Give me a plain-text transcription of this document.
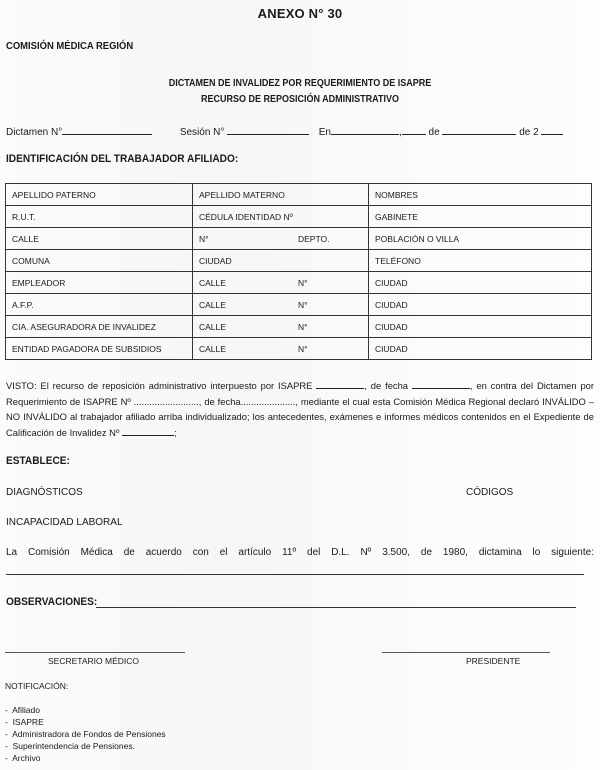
ANEXO N° 30
COMISIÓN MÉDICA REGIÓN
DICTAMEN DE INVALIDEZ POR REQUERIMIENTO DE ISAPRE
RECURSO DE REPOSICIÓN ADMINISTRATIVO
Dictamen N°	Sesión N°	En	,	de	de 2
IDENTIFICACIÓN DEL TRABAJADOR AFILIADO:
APELLIDO PATERNO	APELLIDO MATERNO	NOMBRES
R.U.T.	CÉDULA IDENTIDAD Nº	GABINETE
CALLE	N° DEPTO.	POBLACIÓN O VILLA
COMUNA	CIUDAD	TELÉFONO
EMPLEADOR	CALLE N°	CIUDAD
A.F.P.	CALLE N°	CIUDAD
CIA. ASEGURADORA DE INVALIDEZ	CALLE N°	CIUDAD
ENTIDAD PAGADORA DE SUBSIDIOS	CALLE N°	CIUDAD
VISTO: El recurso de reposición administrativo interpuesto por ISAPRE	, de fecha	, en contra del Dictamen por Requerimiento de ISAPRE Nº ........................., de fecha....................., mediante el cual esta Comisión Médica Regional declaró INVÁLIDO – NO INVÁLIDO al trabajador afiliado arriba individualizado; los antecedentes, exámenes e informes médicos contenidos en el Expediente de Calificación de Invalidez Nº	;
ESTABLECE:
DIAGNÓSTICOS	CÓDIGOS
INCAPACIDAD LABORAL
La Comisión Médica de acuerdo con el artículo 11º del D.L. Nº 3.500, de 1980, dictamina lo siguiente:
OBSERVACIONES:
SECRETARIO MÉDICO	PRESIDENTE
NOTIFICACIÓN:
- Afiliado
- ISAPRE
- Administradora de Fondos de Pensiones
- Superintendencia de Pensiones.
- Archivo
